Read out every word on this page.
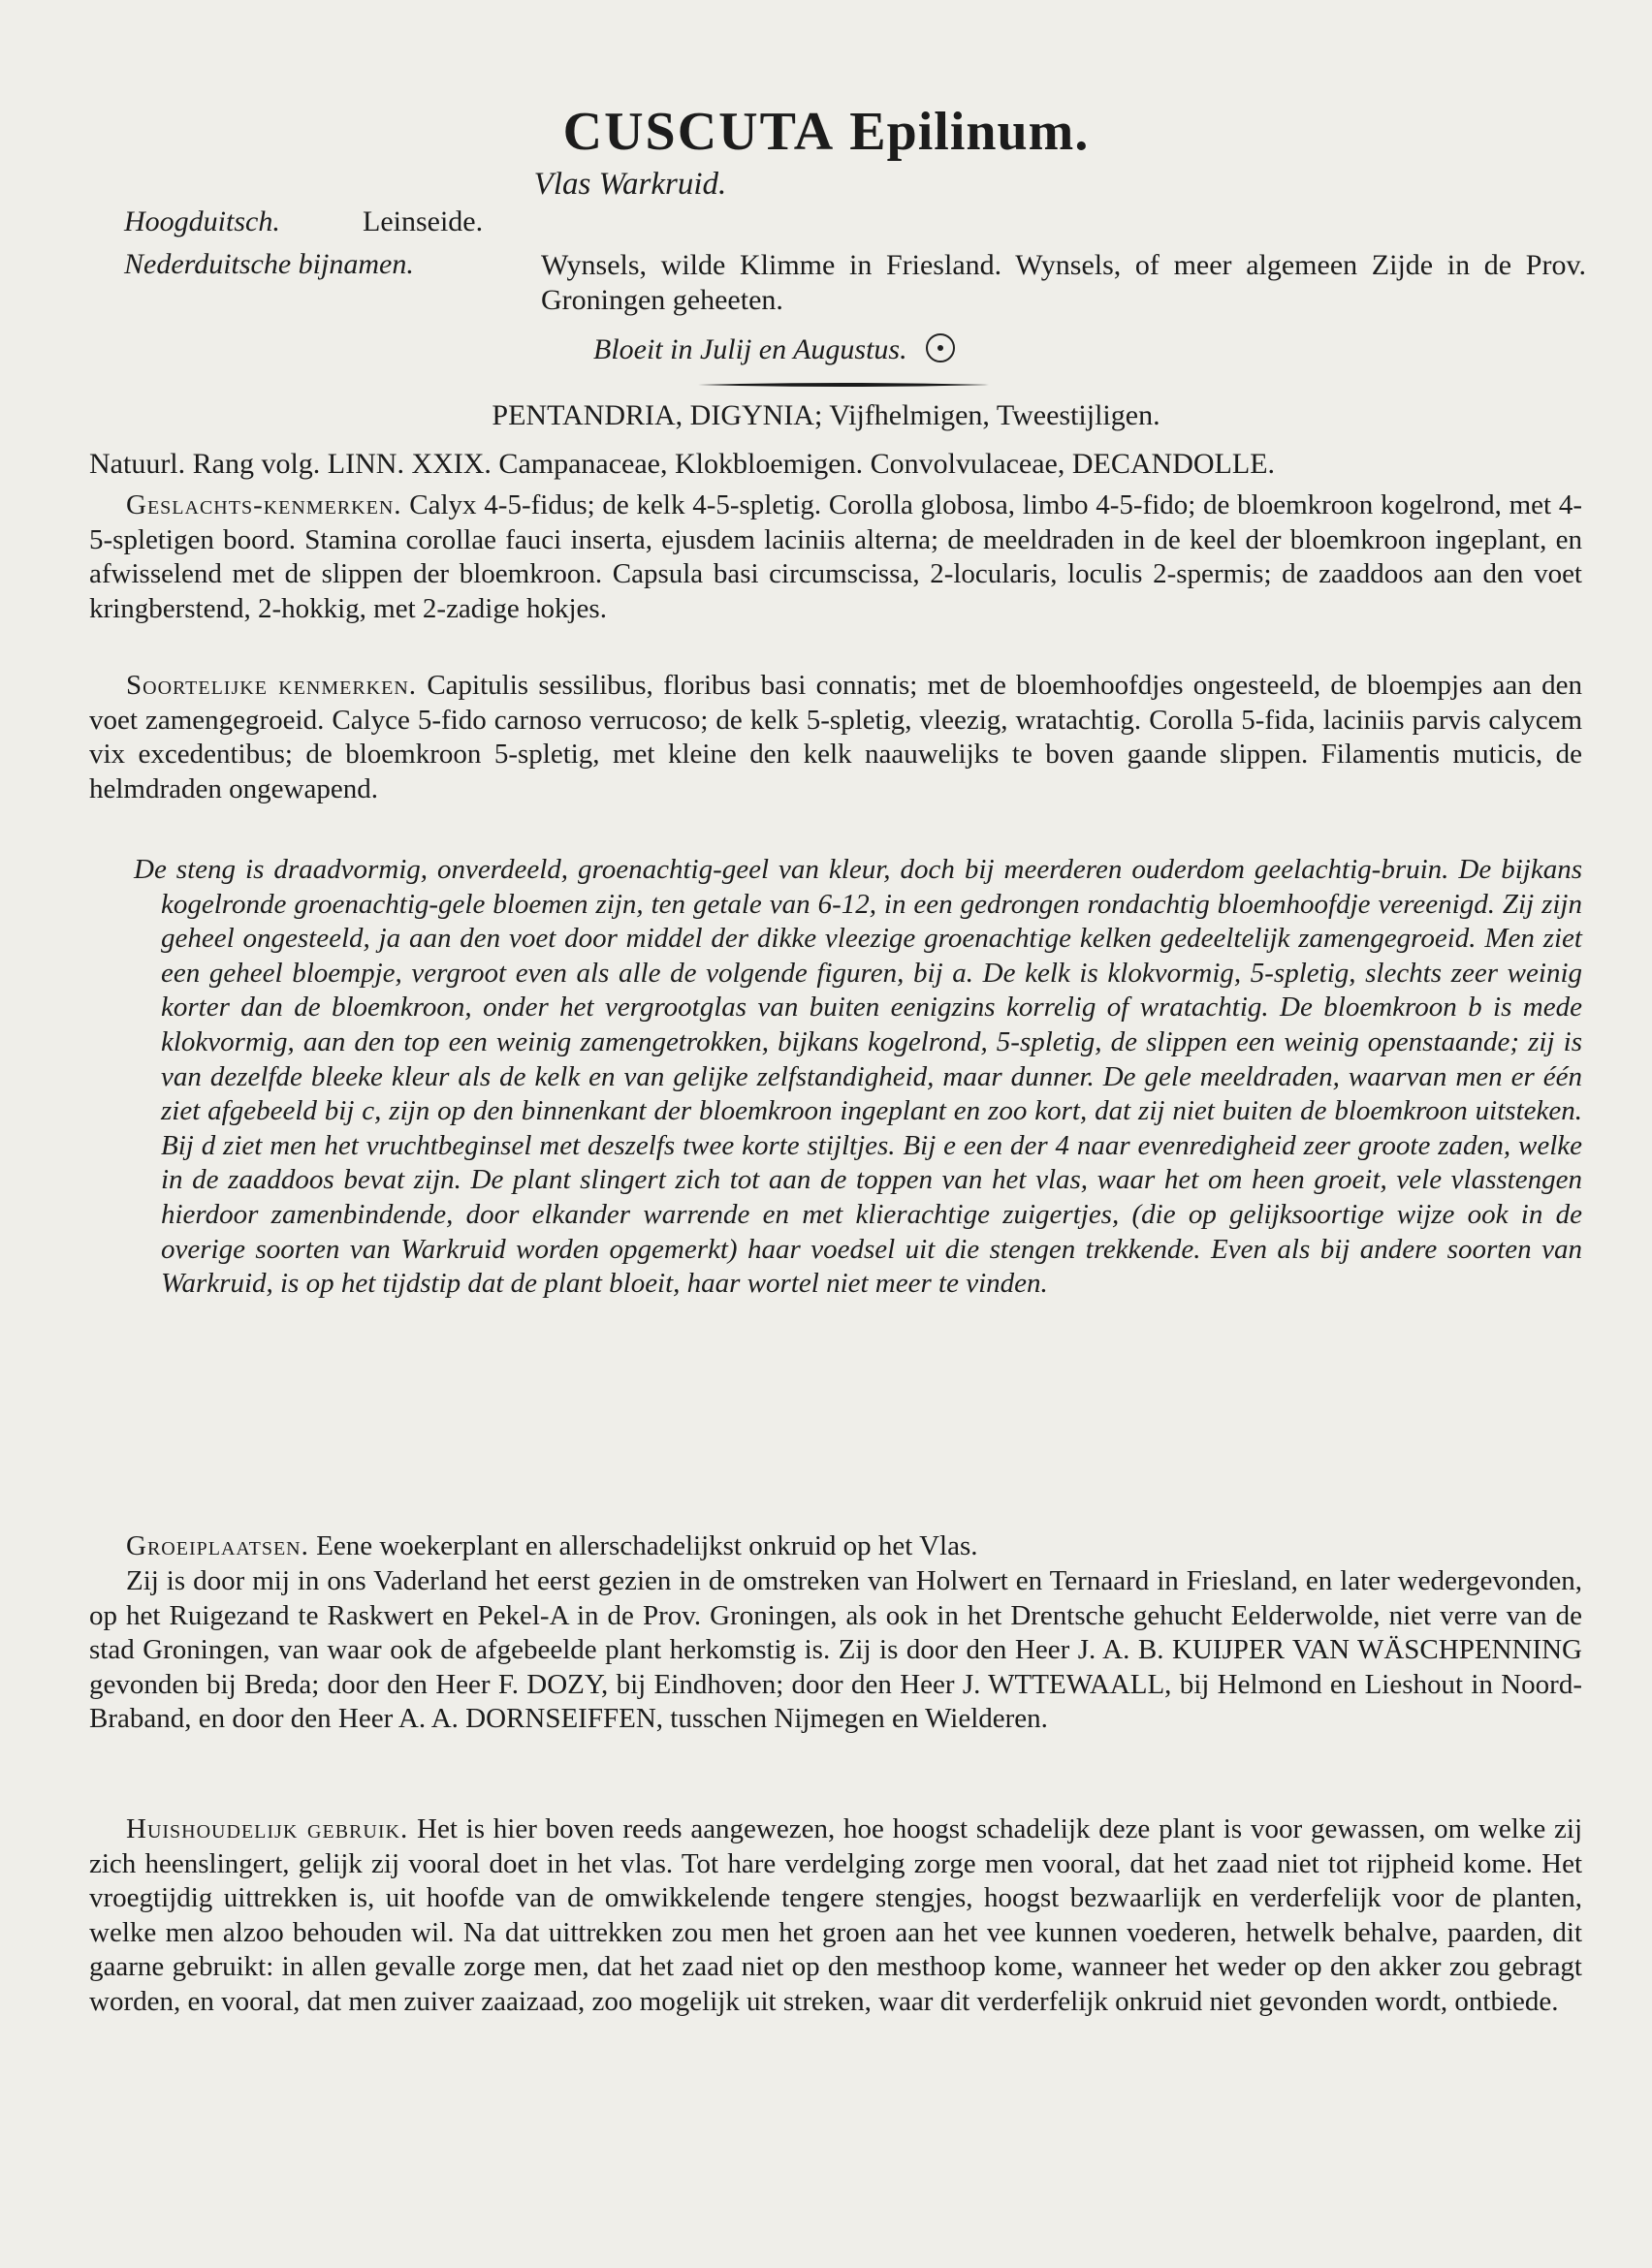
CUSCUTA Epilinum.
Vlas Warkruid.
Hoogduitsch.	Leinseide.
Nederduitsche bijnamen.	Wynsels, wilde Klimme in Friesland. Wynsels, of meer algemeen Zijde in de Prov. Groningen geheeten.
Bloeit in Julij en Augustus.
PENTANDRIA, DIGYNIA; Vijfhelmigen, Tweestijligen.
Natuurl. Rang volg. LINN. XXIX. Campanaceae, Klokbloemigen. Convolvulaceae, DECANDOLLE.
Geslachts-kenmerken. Calyx 4-5-fidus; de kelk 4-5-spletig. Corolla globosa, limbo 4-5-fido; de bloemkroon kogelrond, met 4-5-spletigen boord. Stamina corollae fauci inserta, ejusdem laciniis alterna; de meeldraden in de keel der bloemkroon ingeplant, en afwisselend met de slippen der bloemkroon. Capsula basi circumscissa, 2-locularis, loculis 2-spermis; de zaaddoos aan den voet kringberstend, 2-hokkig, met 2-zadige hokjes.
Soortelijke kenmerken. Capitulis sessilibus, floribus basi connatis; met de bloemhoofdjes ongesteeld, de bloempjes aan den voet zamengegroeid. Calyce 5-fido carnoso verrucoso; de kelk 5-spletig, vleezig, wratachtig. Corolla 5-fida, laciniis parvis calycem vix excedentibus; de bloemkroon 5-spletig, met kleine den kelk naauwelijks te boven gaande slippen. Filamentis muticis, de helmdraden ongewapend.
De steng is draadvormig, onverdeeld, groenachtig-geel van kleur, doch bij meerderen ouderdom geelachtig-bruin. De bijkans kogelronde groenachtig-gele bloemen zijn, ten getale van 6-12, in een gedrongen rondachtig bloemhoofdje vereenigd. Zij zijn geheel ongesteeld, ja aan den voet door middel der dikke vleezige groenachtige kelken gedeeltelijk zamengegroeid. Men ziet een geheel bloempje, vergroot even als alle de volgende figuren, bij a. De kelk is klokvormig, 5-spletig, slechts zeer weinig korter dan de bloemkroon, onder het vergrootglas van buiten eenigzins korrelig of wratachtig. De bloemkroon b is mede klokvormig, aan den top een weinig zamengetrokken, bijkans kogelrond, 5-spletig, de slippen een weinig openstaande; zij is van dezelfde bleeke kleur als de kelk en van gelijke zelfstandigheid, maar dunner. De gele meeldraden, waarvan men er één ziet afgebeeld bij c, zijn op den binnenkant der bloemkroon ingeplant en zoo kort, dat zij niet buiten de bloemkroon uitsteken. Bij d ziet men het vruchtbeginsel met deszelfs twee korte stijltjes. Bij e een der 4 naar evenredigheid zeer groote zaden, welke in de zaaddoos bevat zijn. De plant slingert zich tot aan de toppen van het vlas, waar het om heen groeit, vele vlasstengen hierdoor zamenbindende, door elkander warrende en met klierachtige zuigertjes, (die op gelijksoortige wijze ook in de overige soorten van Warkruid worden opgemerkt) haar voedsel uit die stengen trekkende. Even als bij andere soorten van Warkruid, is op het tijdstip dat de plant bloeit, haar wortel niet meer te vinden.
Groeiplaatsen. Eene woekerplant en allerschadelijkst onkruid op het Vlas.
Zij is door mij in ons Vaderland het eerst gezien in de omstreken van Holwert en Ternaard in Friesland, en later wedergevonden, op het Ruigezand te Raskwert en Pekel-A in de Prov. Groningen, als ook in het Drentsche gehucht Eelderwolde, niet verre van de stad Groningen, van waar ook de afgebeelde plant herkomstig is. Zij is door den Heer J. A. B. KUIJPER VAN WÄSCHPENNING gevonden bij Breda; door den Heer F. DOZY, bij Eindhoven; door den Heer J. WTTEWAALL, bij Helmond en Lieshout in Noord-Braband, en door den Heer A. A. DORNSEIFFEN, tusschen Nijmegen en Wielderen.
Huishoudelijk gebruik. Het is hier boven reeds aangewezen, hoe hoogst schadelijk deze plant is voor gewassen, om welke zij zich heenslingert, gelijk zij vooral doet in het vlas. Tot hare verdelging zorge men vooral, dat het zaad niet tot rijpheid kome. Het vroegtijdig uittrekken is, uit hoofde van de omwikkelende tengere stengjes, hoogst bezwaarlijk en verderfelijk voor de planten, welke men alzoo behouden wil. Na dat uittrekken zou men het groen aan het vee kunnen voederen, hetwelk behalve, paarden, dit gaarne gebruikt: in allen gevalle zorge men, dat het zaad niet op den mesthoop kome, wanneer het weder op den akker zou gebragt worden, en vooral, dat men zuiver zaaizaad, zoo mogelijk uit streken, waar dit verderfelijk onkruid niet gevonden wordt, ontbiede.
